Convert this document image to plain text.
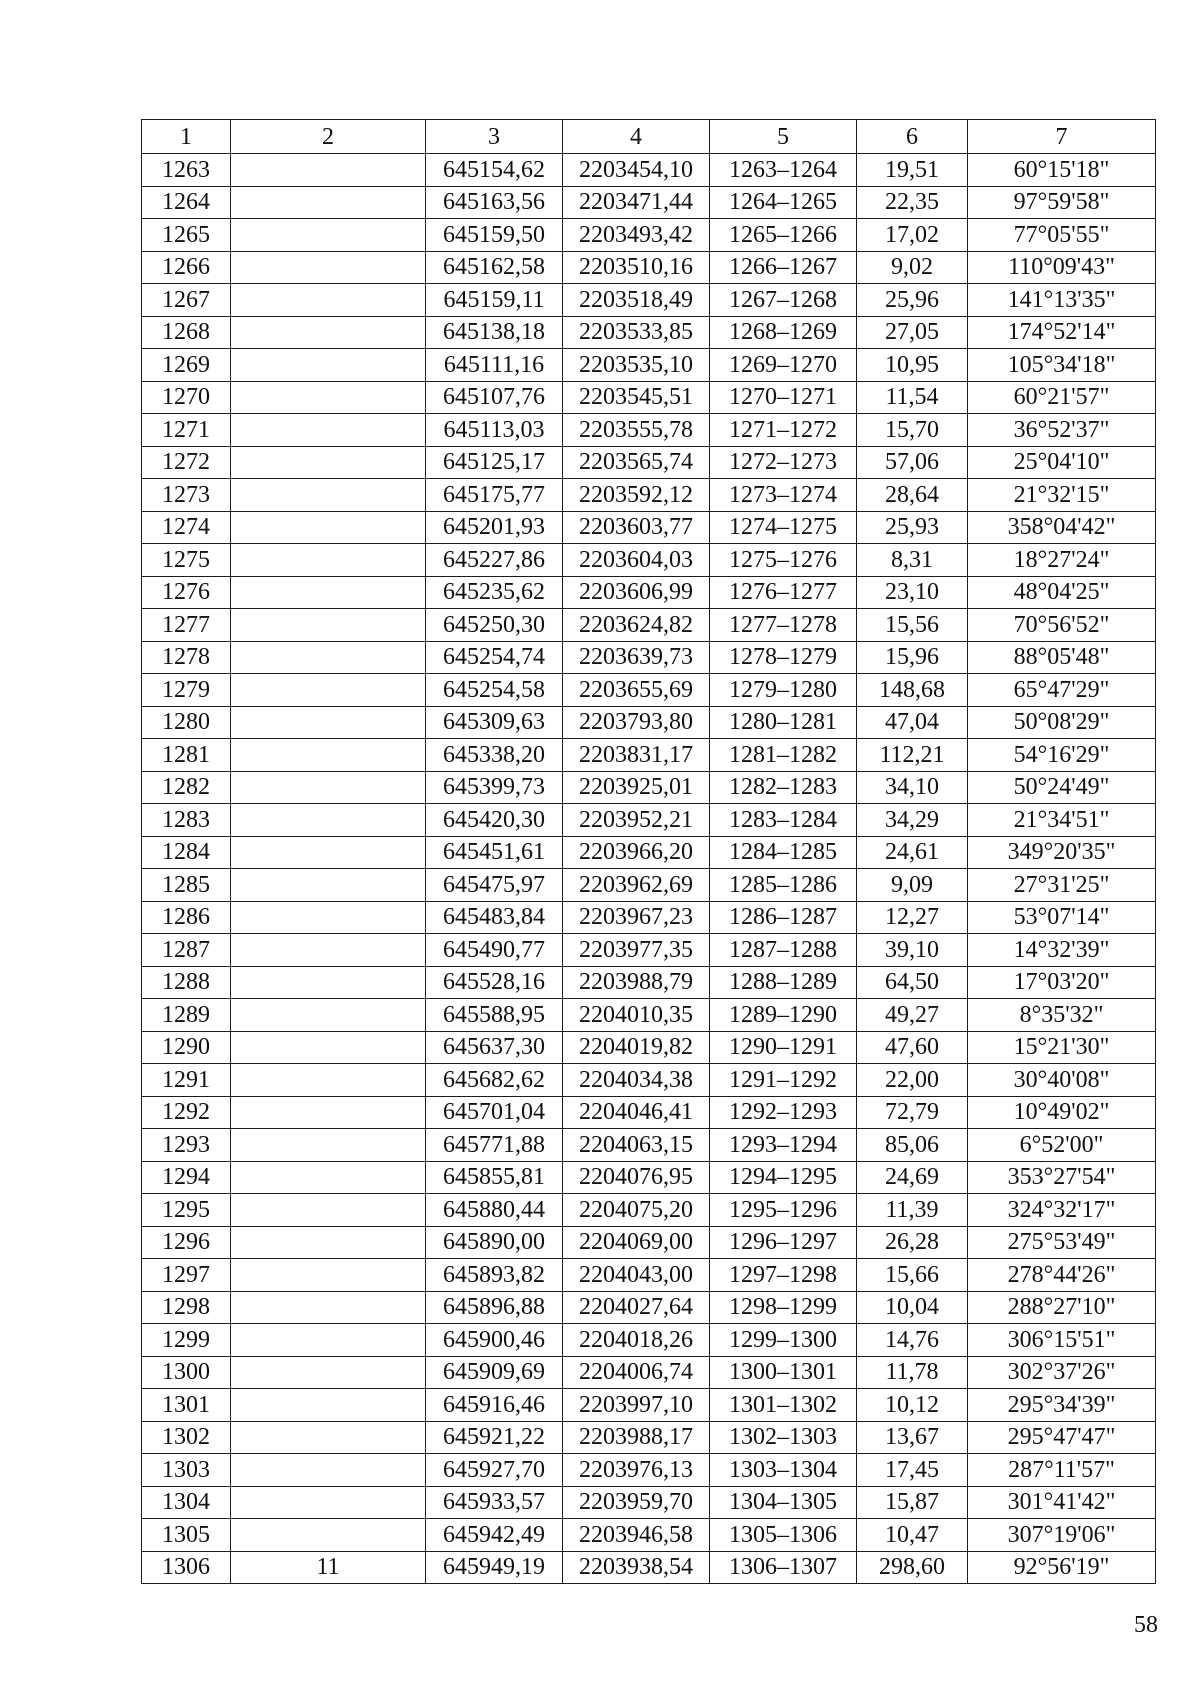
1	2	3	4	5	6	7
1263		645154,62	2203454,10	1263–1264	19,51	60°15'18"
1264		645163,56	2203471,44	1264–1265	22,35	97°59'58"
1265		645159,50	2203493,42	1265–1266	17,02	77°05'55"
1266		645162,58	2203510,16	1266–1267	9,02	110°09'43"
1267		645159,11	2203518,49	1267–1268	25,96	141°13'35"
1268		645138,18	2203533,85	1268–1269	27,05	174°52'14"
1269		645111,16	2203535,10	1269–1270	10,95	105°34'18"
1270		645107,76	2203545,51	1270–1271	11,54	60°21'57"
1271		645113,03	2203555,78	1271–1272	15,70	36°52'37"
1272		645125,17	2203565,74	1272–1273	57,06	25°04'10"
1273		645175,77	2203592,12	1273–1274	28,64	21°32'15"
1274		645201,93	2203603,77	1274–1275	25,93	358°04'42"
1275		645227,86	2203604,03	1275–1276	8,31	18°27'24"
1276		645235,62	2203606,99	1276–1277	23,10	48°04'25"
1277		645250,30	2203624,82	1277–1278	15,56	70°56'52"
1278		645254,74	2203639,73	1278–1279	15,96	88°05'48"
1279		645254,58	2203655,69	1279–1280	148,68	65°47'29"
1280		645309,63	2203793,80	1280–1281	47,04	50°08'29"
1281		645338,20	2203831,17	1281–1282	112,21	54°16'29"
1282		645399,73	2203925,01	1282–1283	34,10	50°24'49"
1283		645420,30	2203952,21	1283–1284	34,29	21°34'51"
1284		645451,61	2203966,20	1284–1285	24,61	349°20'35"
1285		645475,97	2203962,69	1285–1286	9,09	27°31'25"
1286		645483,84	2203967,23	1286–1287	12,27	53°07'14"
1287		645490,77	2203977,35	1287–1288	39,10	14°32'39"
1288		645528,16	2203988,79	1288–1289	64,50	17°03'20"
1289		645588,95	2204010,35	1289–1290	49,27	8°35'32"
1290		645637,30	2204019,82	1290–1291	47,60	15°21'30"
1291		645682,62	2204034,38	1291–1292	22,00	30°40'08"
1292		645701,04	2204046,41	1292–1293	72,79	10°49'02"
1293		645771,88	2204063,15	1293–1294	85,06	6°52'00"
1294		645855,81	2204076,95	1294–1295	24,69	353°27'54"
1295		645880,44	2204075,20	1295–1296	11,39	324°32'17"
1296		645890,00	2204069,00	1296–1297	26,28	275°53'49"
1297		645893,82	2204043,00	1297–1298	15,66	278°44'26"
1298		645896,88	2204027,64	1298–1299	10,04	288°27'10"
1299		645900,46	2204018,26	1299–1300	14,76	306°15'51"
1300		645909,69	2204006,74	1300–1301	11,78	302°37'26"
1301		645916,46	2203997,10	1301–1302	10,12	295°34'39"
1302		645921,22	2203988,17	1302–1303	13,67	295°47'47"
1303		645927,70	2203976,13	1303–1304	17,45	287°11'57"
1304		645933,57	2203959,70	1304–1305	15,87	301°41'42"
1305		645942,49	2203946,58	1305–1306	10,47	307°19'06"
1306	11	645949,19	2203938,54	1306–1307	298,60	92°56'19"
58
